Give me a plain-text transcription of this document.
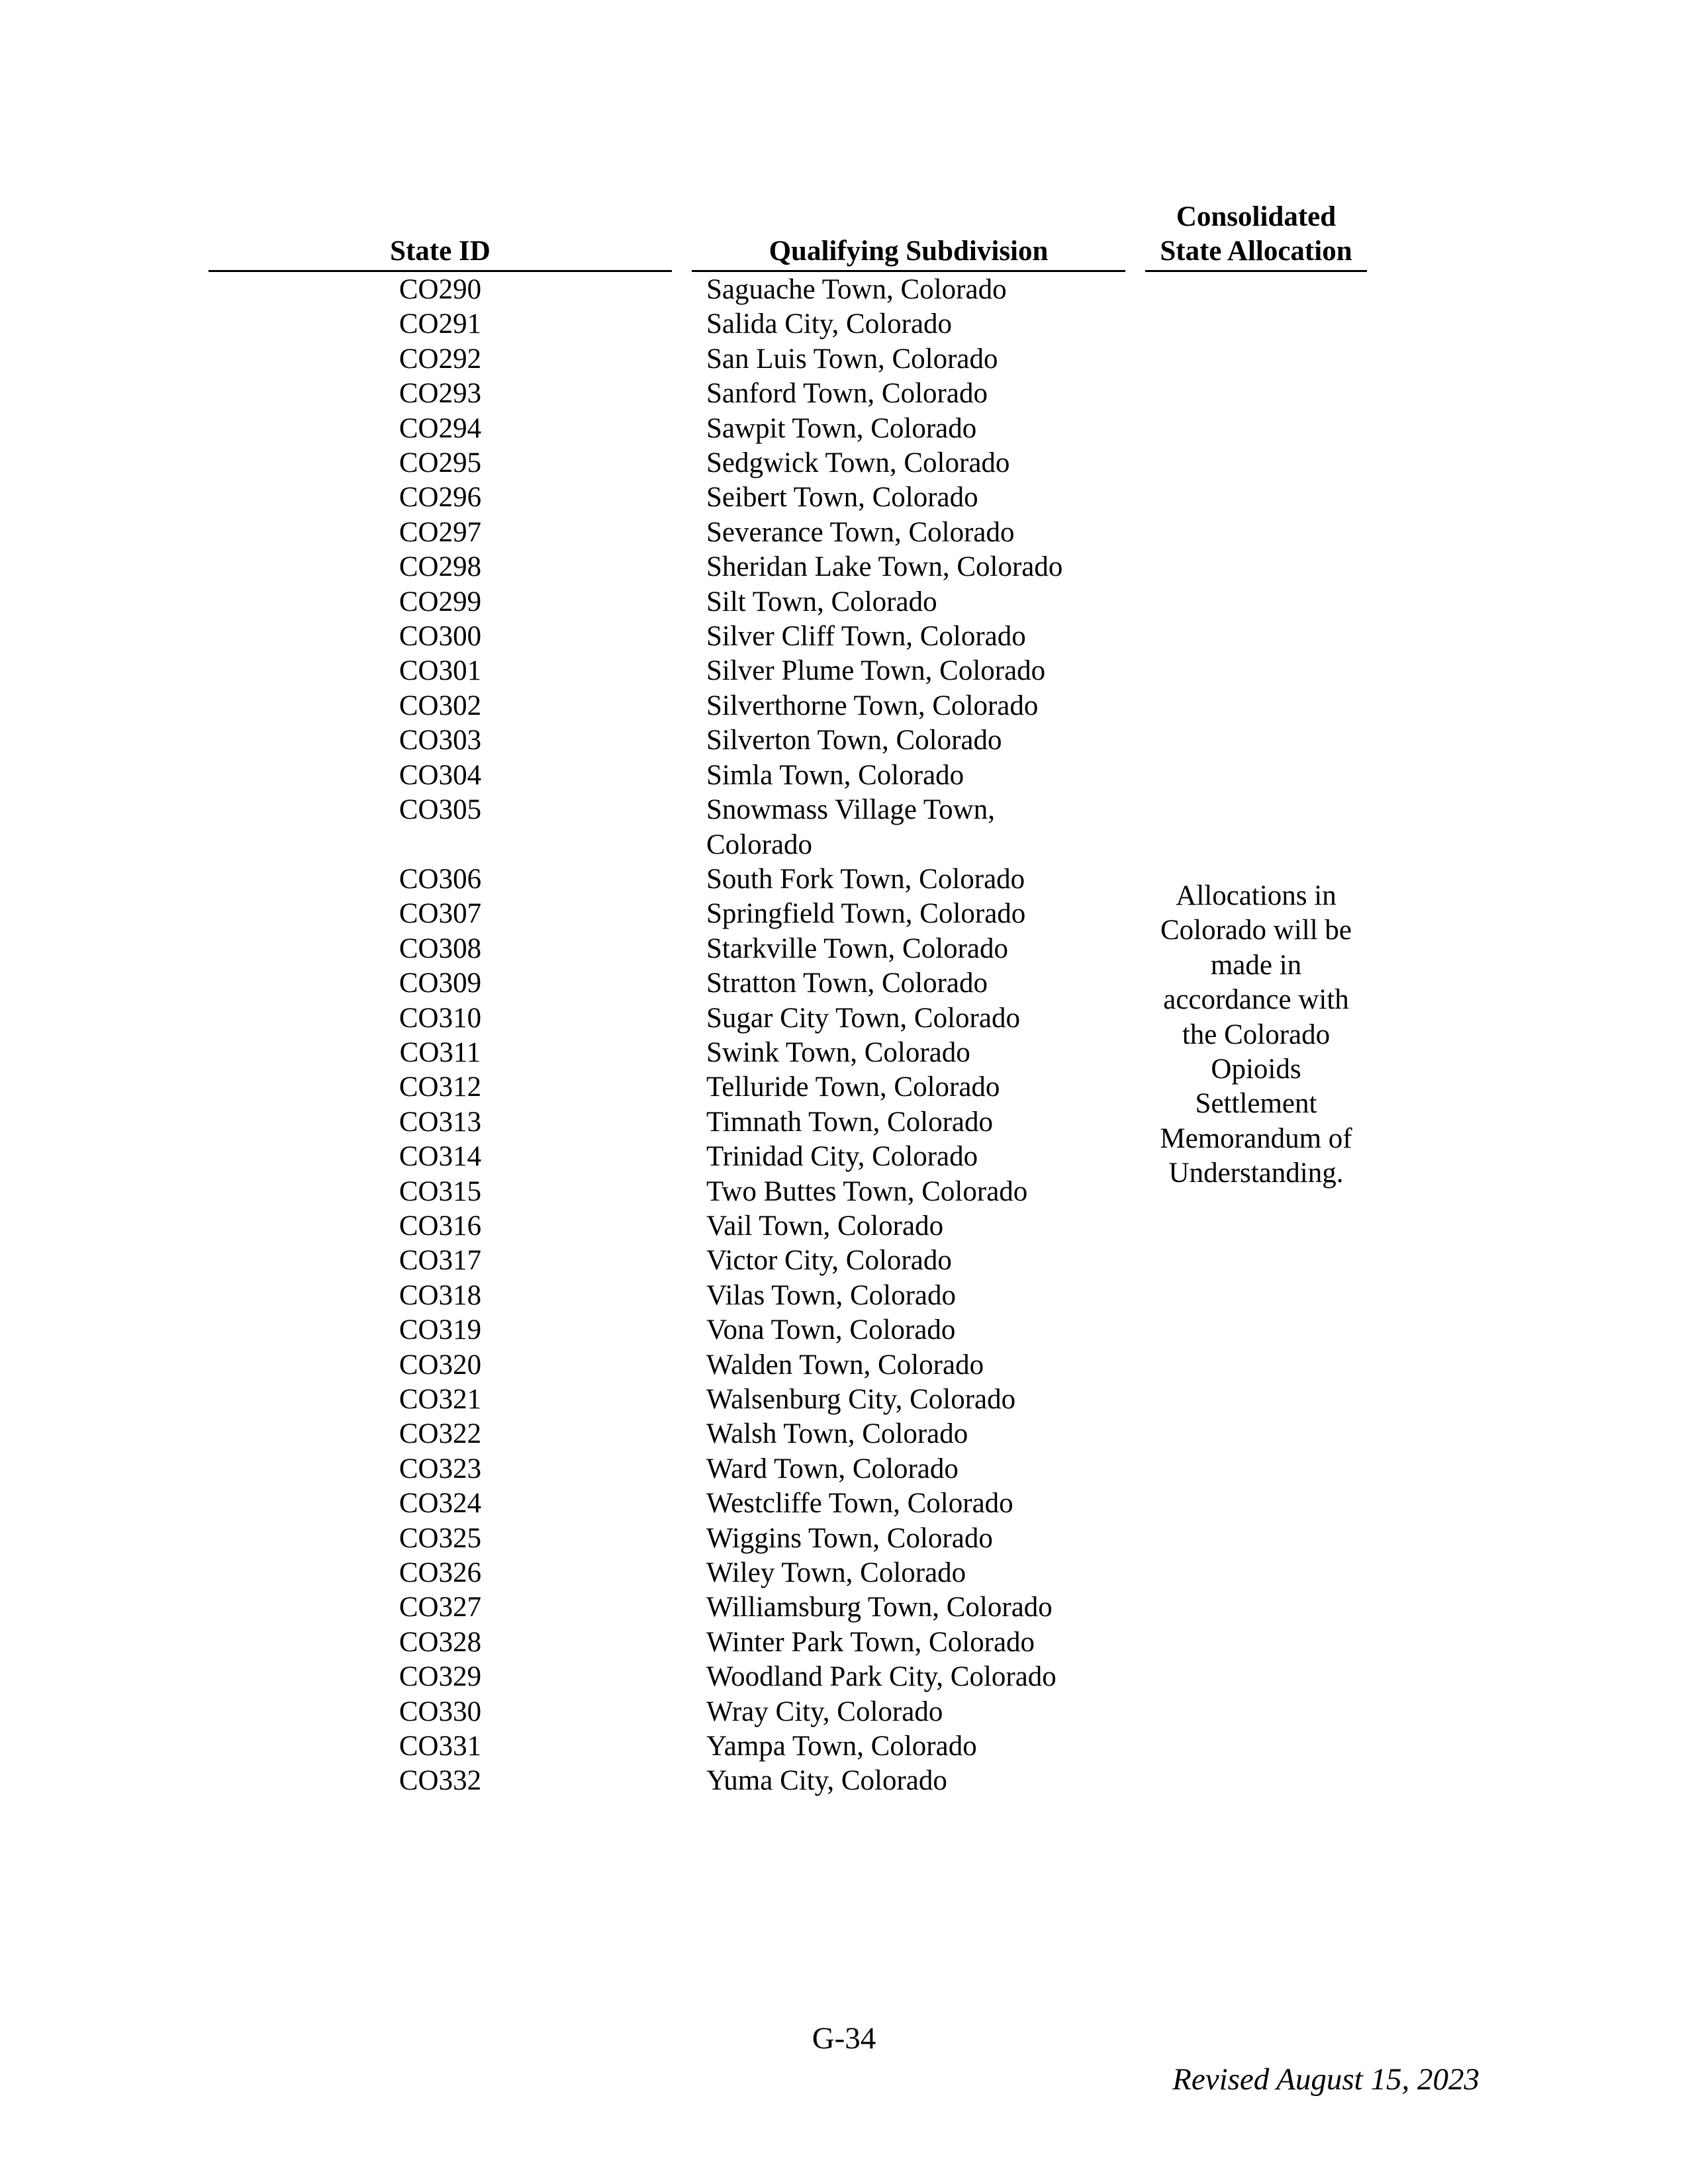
State ID	Qualifying Subdivision
Consolidated
State Allocation
CO290	Saguache Town, Colorado
CO291	Salida City, Colorado
CO292	San Luis Town, Colorado
CO293	Sanford Town, Colorado
CO294	Sawpit Town, Colorado
CO295	Sedgwick Town, Colorado
CO296	Seibert Town, Colorado
CO297	Severance Town, Colorado
CO298	Sheridan Lake Town, Colorado
CO299	Silt Town, Colorado
CO300	Silver Cliff Town, Colorado
CO301	Silver Plume Town, Colorado
CO302	Silverthorne Town, Colorado
CO303	Silverton Town, Colorado
CO304	Simla Town, Colorado
CO305	Snowmass Village Town,
Colorado
CO306	South Fork Town, Colorado
CO307	Springfield Town, Colorado
CO308	Starkville Town, Colorado
CO309	Stratton Town, Colorado
CO310	Sugar City Town, Colorado
CO311	Swink Town, Colorado
CO312	Telluride Town, Colorado
CO313	Timnath Town, Colorado
CO314	Trinidad City, Colorado
CO315	Two Buttes Town, Colorado
CO316	Vail Town, Colorado
CO317	Victor City, Colorado
CO318	Vilas Town, Colorado
CO319	Vona Town, Colorado
CO320	Walden Town, Colorado
CO321	Walsenburg City, Colorado
CO322	Walsh Town, Colorado
CO323	Ward Town, Colorado
CO324	Westcliffe Town, Colorado
CO325	Wiggins Town, Colorado
CO326	Wiley Town, Colorado
CO327	Williamsburg Town, Colorado
CO328	Winter Park Town, Colorado
CO329	Woodland Park City, Colorado
CO330	Wray City, Colorado
CO331	Yampa Town, Colorado
CO332	Yuma City, Colorado
Allocations in
Colorado will be
made in
accordance with
the Colorado
Opioids
Settlement
Memorandum of
Understanding.
G-34
Revised August 15, 2023
